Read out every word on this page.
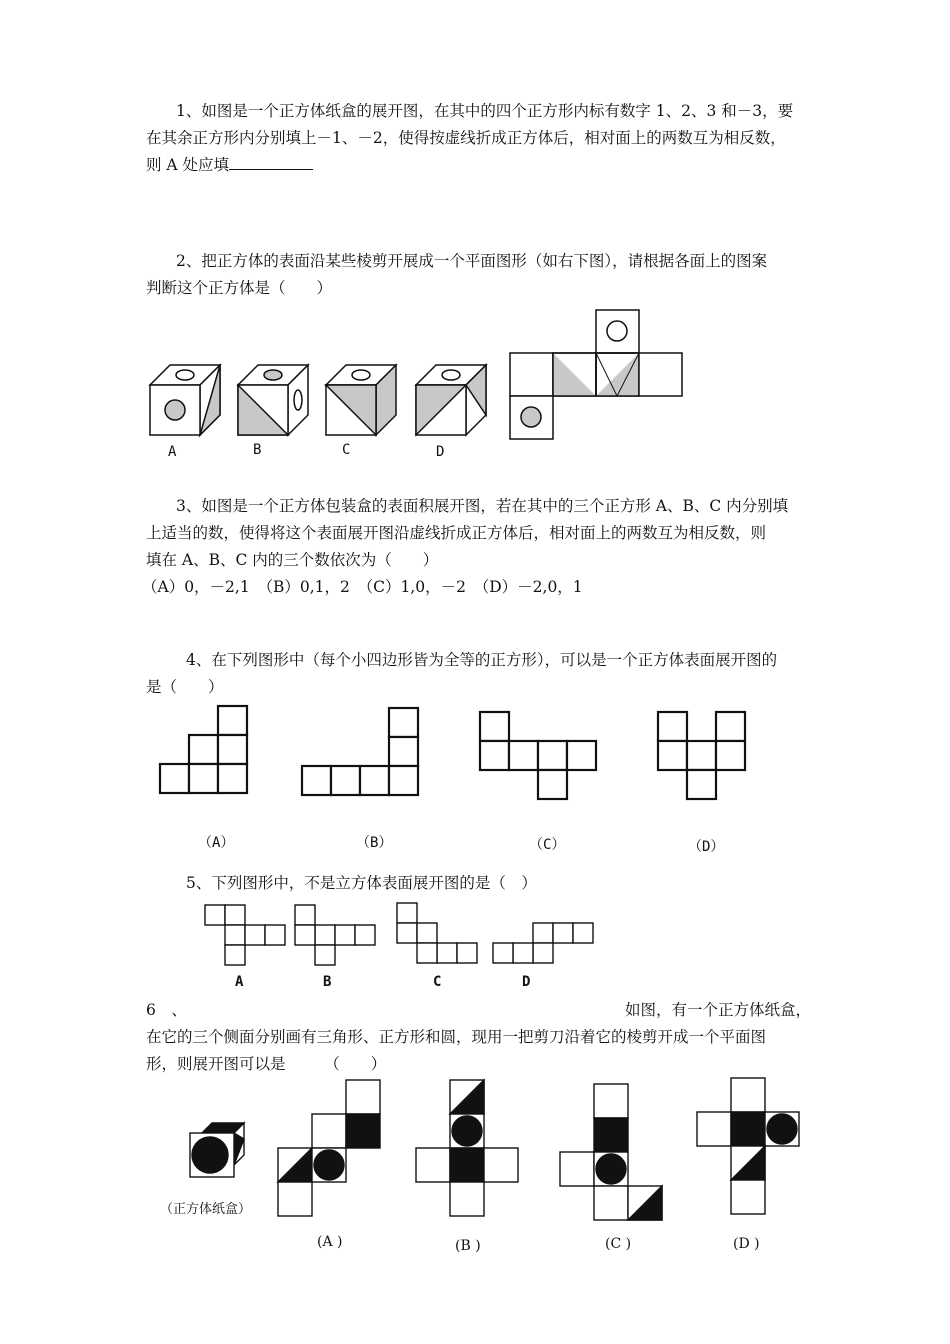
1、如图是一个正方体纸盒的展开图，在其中的四个正方形内标有数字 1、2、3 和－3，要
在其余正方形内分别填上－1、－2，使得按虚线折成正方体后，相对面上的两数互为相反数，
则 A 处应填
2、把正方体的表面沿某些棱剪开展成一个平面图形（如右下图），请根据各面上的图案
判断这个正方体是（　　）
A	B	C	D
3、如图是一个正方体包装盒的表面积展开图，若在其中的三个正方形 A、B、C 内分别填
上适当的数，使得将这个表面展开图沿虚线折成正方体后，相对面上的两数互为相反数，则
填在 A、B、C 内的三个数依次为（　　）
（A）0，－2,1　（B）0,1，2　（C）1,0，－2　（D）－2,0，1
4、在下列图形中（每个小四边形皆为全等的正方形），可以是一个正方体表面展开图的
是（　　）
（A）	（B）	（C）	（D）
5、下列图形中，不是立方体表面展开图的是（　）
A	B	C	D
6　、	如图，有一个正方体纸盒，
在它的三个侧面分别画有三角形、正方形和圆，现用一把剪刀沿着它的棱剪开成一个平面图
形，则展开图可以是　　　（　　）
（正方体纸盒）
(A )	(B )	(C )	(D )
